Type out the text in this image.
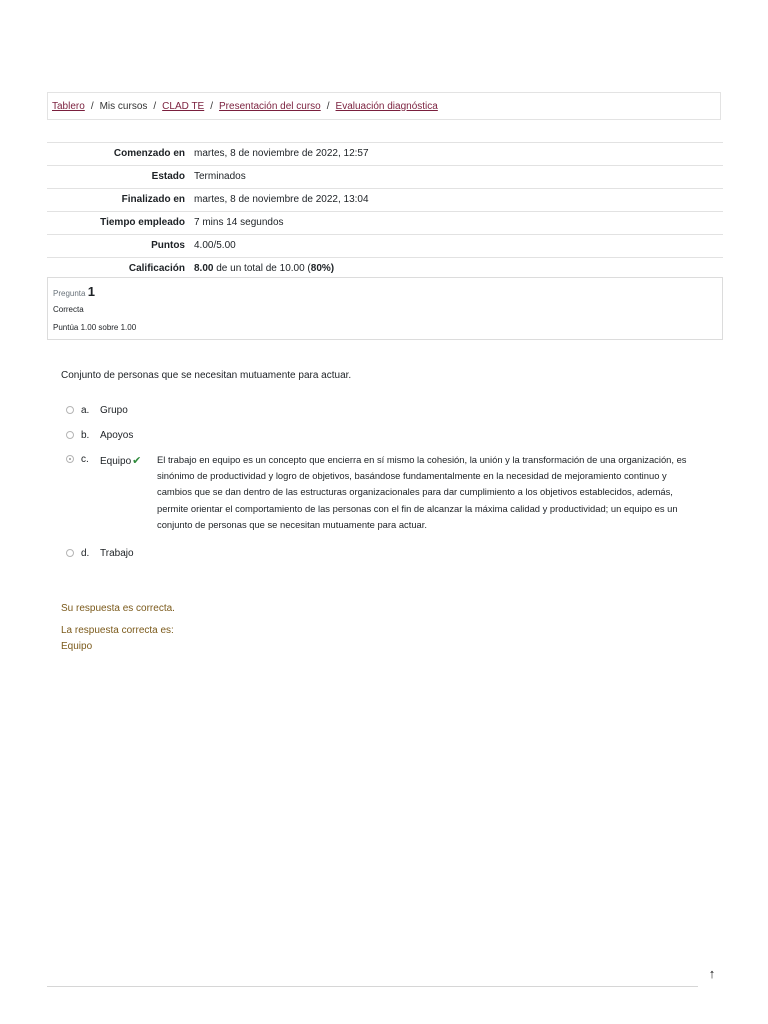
Tablero / Mis cursos / CLAD TE / Presentación del curso / Evaluación diagnóstica
Comenzado en	martes, 8 de noviembre de 2022, 12:57
Estado	Terminados
Finalizado en	martes, 8 de noviembre de 2022, 13:04
Tiempo empleado	7 mins 14 segundos
Puntos	4.00/5.00
Calificación	8.00 de un total de 10.00 (80%)
Pregunta 1
Correcta
Puntúa 1.00 sobre 1.00
Conjunto de personas que se necesitan mutuamente para actuar.
a. Grupo
b. Apoyos
c. Equipo✔ El trabajo en equipo es un concepto que encierra en sí mismo la cohesión, la unión y la transformación de una organización, es sinónimo de productividad y logro de objetivos, basándose fundamentalmente en la necesidad de mejoramiento continuo y cambios que se dan dentro de las estructuras organizacionales para dar cumplimiento a los objetivos establecidos, además, permite orientar el comportamiento de las personas con el fin de alcanzar la máxima calidad y productividad; un equipo es un conjunto de personas que se necesitan mutuamente para actuar.
d. Trabajo
Su respuesta es correcta.
La respuesta correcta es:
Equipo
↑
